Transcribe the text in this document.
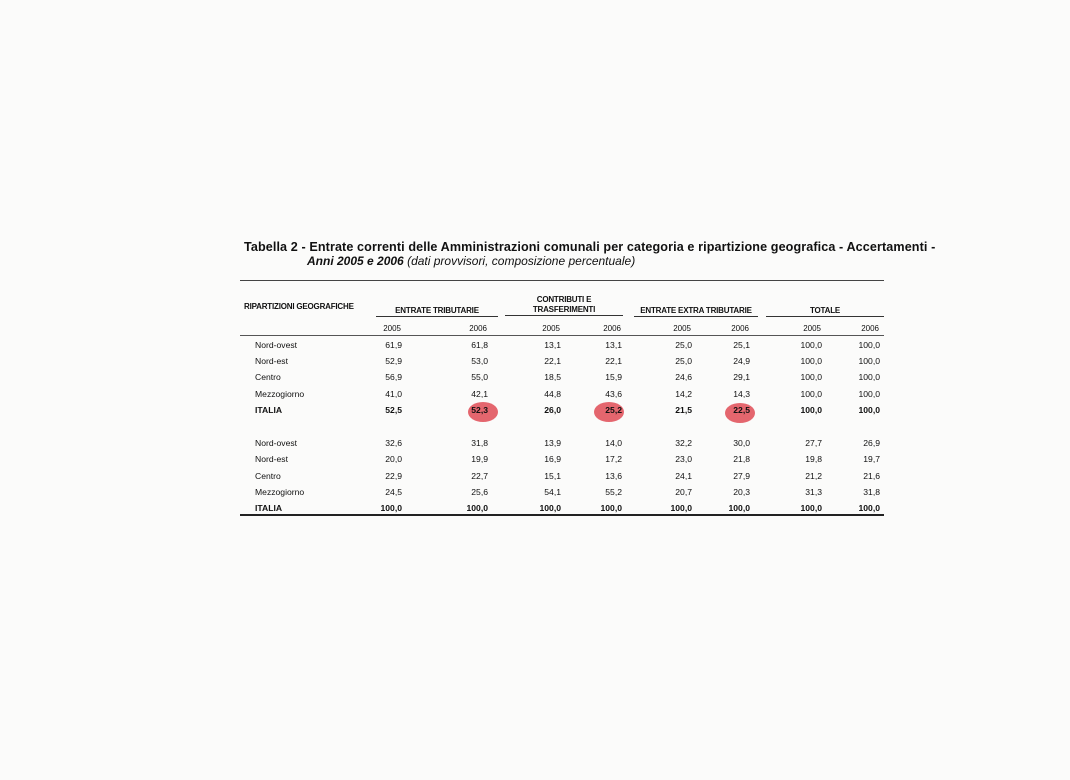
Tabella 2 - Entrate correnti delle Amministrazioni comunali per categoria e ripartizione geografica - Accertamenti -
Anni 2005 e 2006 (dati provvisori, composizione percentuale)
RIPARTIZIONI GEOGRAFICHE	ENTRATE TRIBUTARIE
CONTRIBUTI E
TRASFERIMENTI	ENTRATE EXTRA TRIBUTARIE	TOTALE
2005	2006	2005	2006	2005	2006	2005	2006
Nord-ovest	61,9	61,8	13,1	13,1	25,0	25,1	100,0	100,0
Nord-est	52,9	53,0	22,1	22,1	25,0	24,9	100,0	100,0
Centro	56,9	55,0	18,5	15,9	24,6	29,1	100,0	100,0
Mezzogiorno	41,0	42,1	44,8	43,6	14,2	14,3	100,0	100,0
ITALIA	52,5	52,3	26,0	25,2	21,5	22,5	100,0	100,0
Nord-ovest	32,6	31,8	13,9	14,0	32,2	30,0	27,7	26,9
Nord-est	20,0	19,9	16,9	17,2	23,0	21,8	19,8	19,7
Centro	22,9	22,7	15,1	13,6	24,1	27,9	21,2	21,6
Mezzogiorno	24,5	25,6	54,1	55,2	20,7	20,3	31,3	31,8
ITALIA	100,0	100,0	100,0	100,0	100,0	100,0	100,0	100,0
